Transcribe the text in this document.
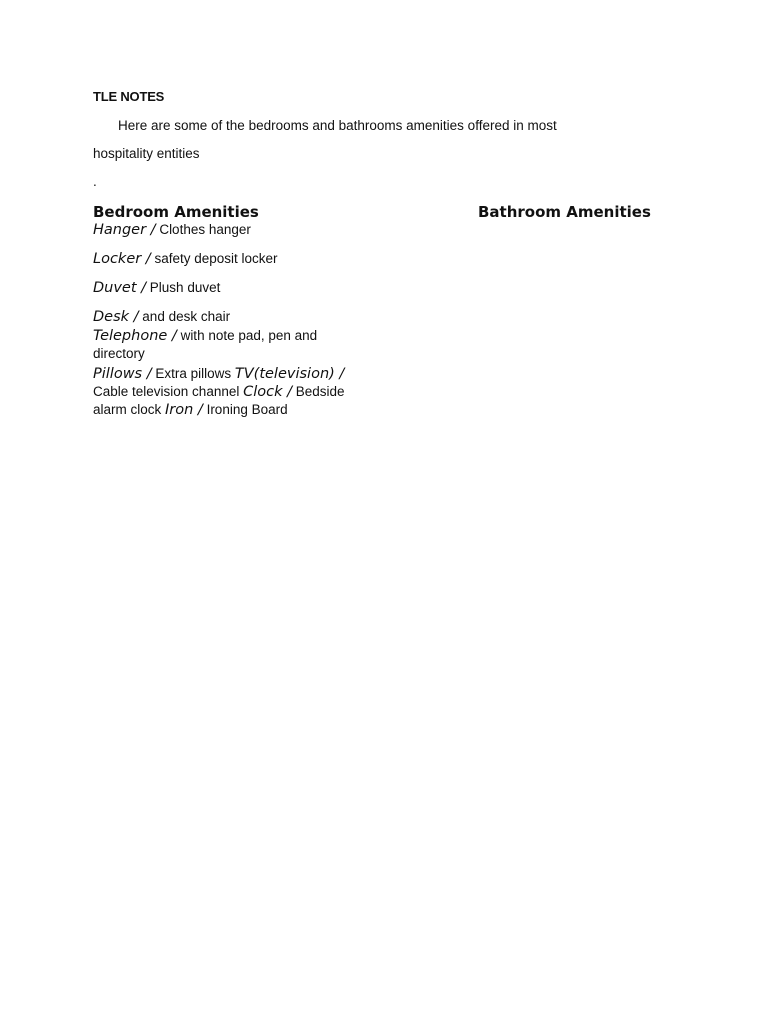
TLE NOTES
Here are some of the bedrooms and bathrooms amenities offered in most
hospitality entities
.
Bedroom Amenities	Bathroom Amenities
Hanger / Clothes hanger
Locker / safety deposit locker
Duvet / Plush duvet
Desk / and desk chair
Telephone / with note pad, pen and directory
Pillows / Extra pillows TV(television) / Cable television channel Clock / Bedside alarm clock Iron / Ironing Board
